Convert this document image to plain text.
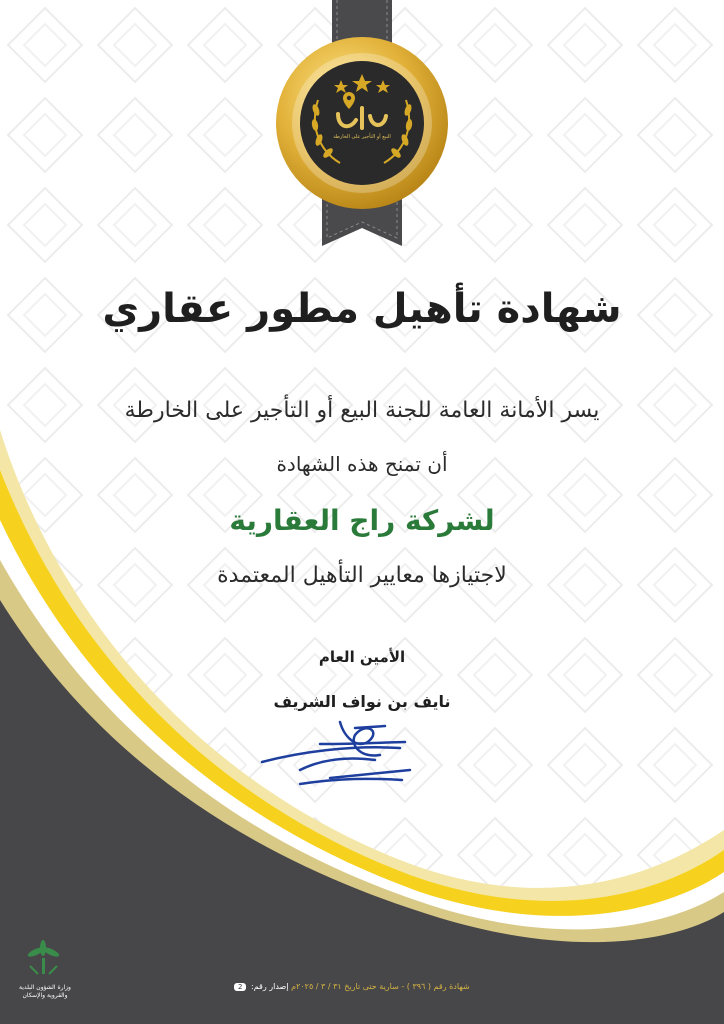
البيع أو التأجير على الخارطة
شهادة تأهيل مطور عقاري
يسر الأمانة العامة للجنة البيع أو التأجير على الخارطة
أن تمنح هذه الشهادة
لشركة راج العقارية
لاجتيازها معايير التأهيل المعتمدة
الأمين العام
نايف بن نواف الشريف
وزارة الشؤون البلدية والقروية والإسكان
شهادة رقم ( ٣٩٦ ) - سارية حتى تاريخ ٣١ / ٣ / ٢٠٢٥م إصدار رقم: 2
